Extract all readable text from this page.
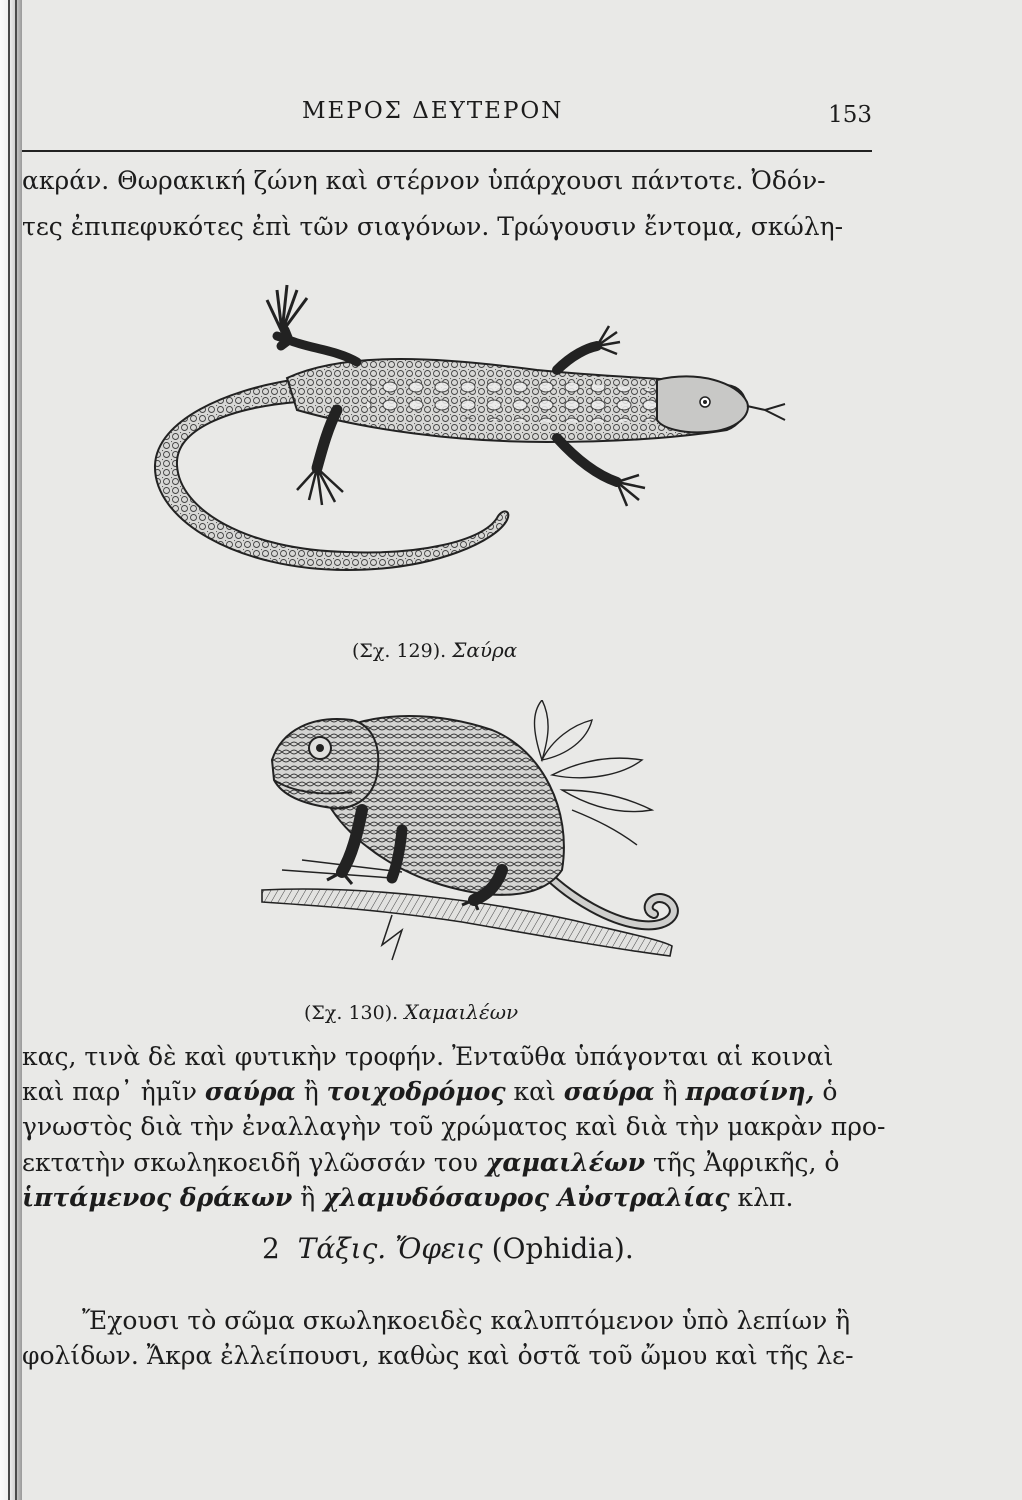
ΜΕΡΟΣ ΔΕΥΤΕΡΟΝ	153
ακράν. Θωρακική ζώνη καὶ στέρνον ὑπάρχουσι πάντοτε. Ὀδόν-
τες ἐπιπεφυκότες ἐπὶ τῶν σιαγόνων. Τρώγουσιν ἔντομα, σκώλη-
(Σχ. 129). Σαύρα
(Σχ. 130). Χαμαιλέων
κας, τινὰ δὲ καὶ φυτικὴν τροφήν. Ἐνταῦθα ὑπάγονται αἱ κοιναὶ
καὶ παρ᾽ ἡμῖν σαύρα ἢ τοιχοδρόμος καὶ σαύρα ἢ πρασίνη, ὁ
γνωστὸς διὰ τὴν ἐναλλαγὴν τοῦ χρώματος καὶ διὰ τὴν μακρὰν προ-
εκτατὴν σκωληκοειδῆ γλῶσσάν του χαμαιλέων τῆς Ἀφρικῆς, ὁ
ἱπτάμενος δράκων ἢ χλαμυδόσαυρος Αὐστραλίας κλπ.
2 Τάξις. Ὄφεις (Ophidia).
Ἔχουσι τὸ σῶμα σκωληκοειδὲς καλυπτόμενον ὑπὸ λεπίων ἢ
φολίδων. Ἄκρα ἐλλείπουσι, καθὼς καὶ ὀστᾶ τοῦ ὤμου καὶ τῆς λε-
